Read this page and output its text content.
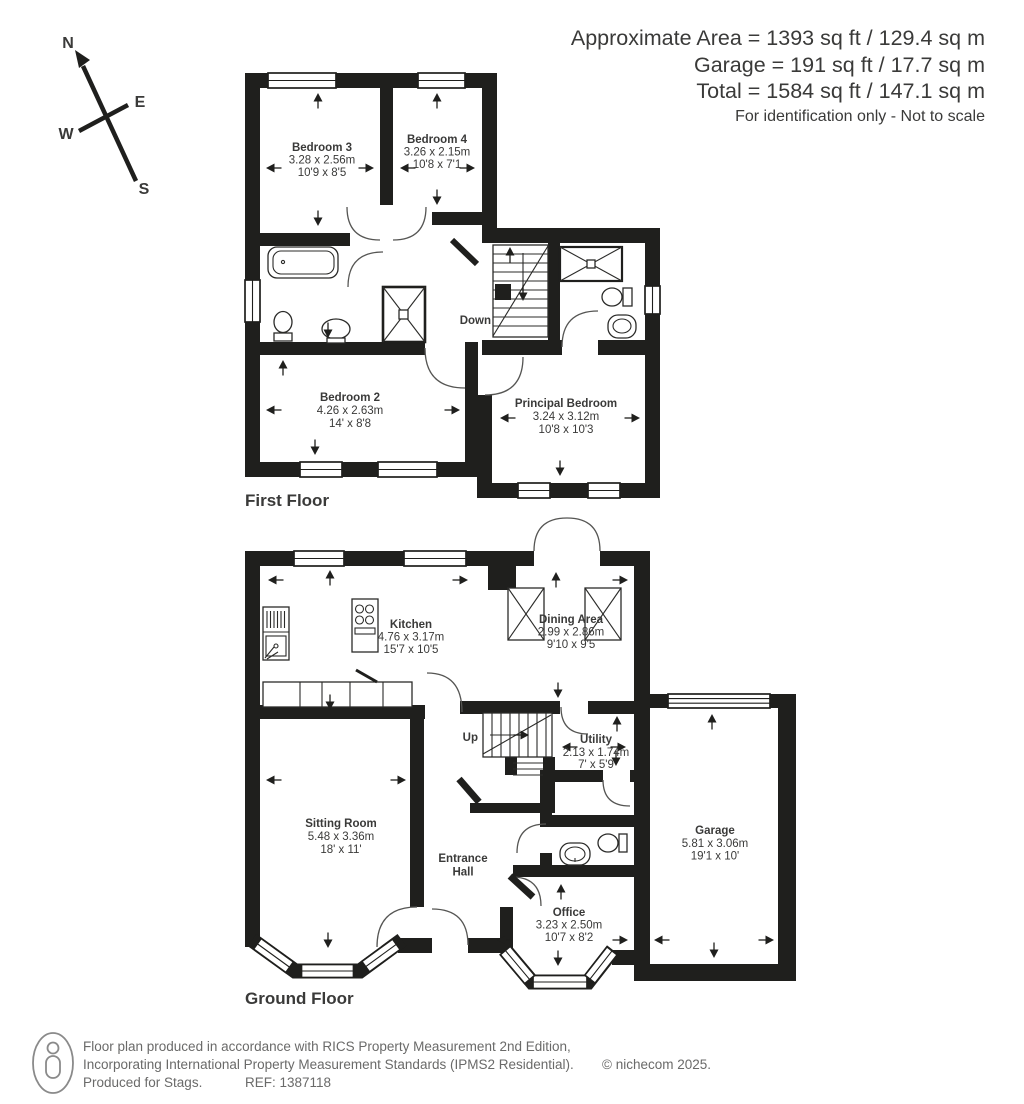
Approximate Area = 1393 sq ft / 129.4 sq m
Garage = 191 sq ft / 17.7 sq m
Total = 1584 sq ft / 147.1 sq m
For identification only - Not to scale
N
E
W
S
Bedroom 3
3.28 x 2.56m
10'9 x 8'5
Bedroom 4
3.26 x 2.15m
10'8 x 7'1
Bedroom 2
4.26 x 2.63m
14' x 8'8
Principal Bedroom
3.24 x 3.12m
10'8 x 10'3
Down
First Floor
Kitchen
4.76 x 3.17m
15'7 x 10'5
Dining Area
2.99 x 2.86m
9'10 x 9'5
Utility
2.13 x 1.74m
7' x 5'9
Sitting Room
5.48 x 3.36m
18' x 11'
Entrance
Hall
Office
3.23 x 2.50m
10'7 x 8'2
Garage
5.81 x 3.06m
19'1 x 10'
Up
Ground Floor
Floor plan produced in accordance with RICS Property Measurement 2nd Edition,
Incorporating International Property Measurement Standards (IPMS2 Residential).
Produced for Stags.	REF: 1387118
© nichecom 2025.
